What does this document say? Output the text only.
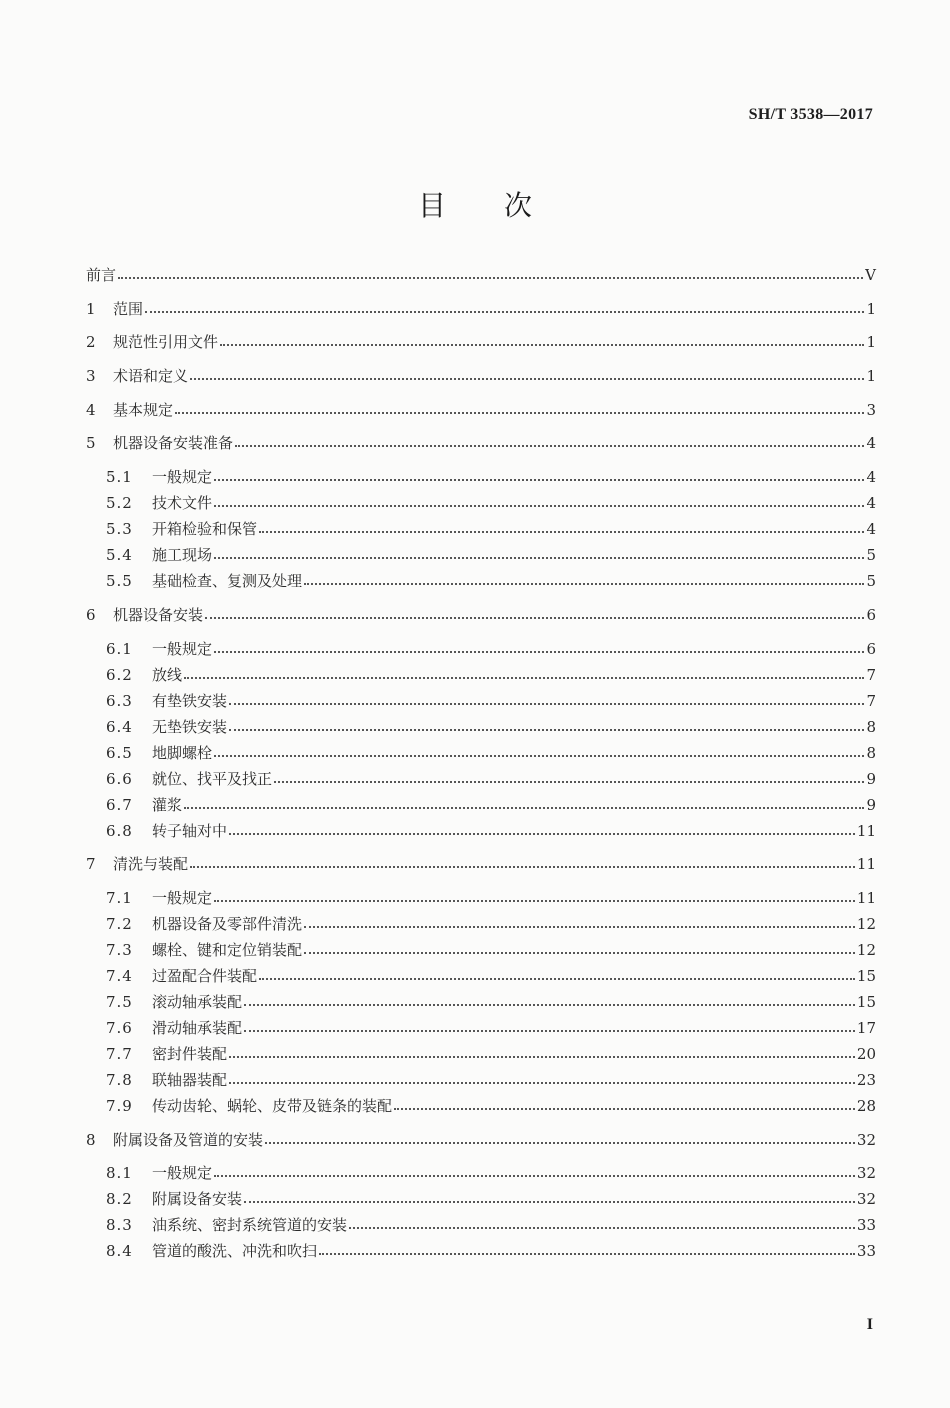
SH/T 3538—2017
目次
前言	V
1	范围	1
2	规范性引用文件	1
3	术语和定义	1
4	基本规定	3
5	机器设备安装准备	4
5.1	一般规定	4
5.2	技术文件	4
5.3	开箱检验和保管	4
5.4	施工现场	5
5.5	基础检查、复测及处理	5
6	机器设备安装	6
6.1	一般规定	6
6.2	放线	7
6.3	有垫铁安装	7
6.4	无垫铁安装	8
6.5	地脚螺栓	8
6.6	就位、找平及找正	9
6.7	灌浆	9
6.8	转子轴对中	11
7	清洗与装配	11
7.1	一般规定	11
7.2	机器设备及零部件清洗	12
7.3	螺栓、键和定位销装配	12
7.4	过盈配合件装配	15
7.5	滚动轴承装配	15
7.6	滑动轴承装配	17
7.7	密封件装配	20
7.8	联轴器装配	23
7.9	传动齿轮、蜗轮、皮带及链条的装配	28
8	附属设备及管道的安装	32
8.1	一般规定	32
8.2	附属设备安装	32
8.3	油系统、密封系统管道的安装	33
8.4	管道的酸洗、冲洗和吹扫	33
I
